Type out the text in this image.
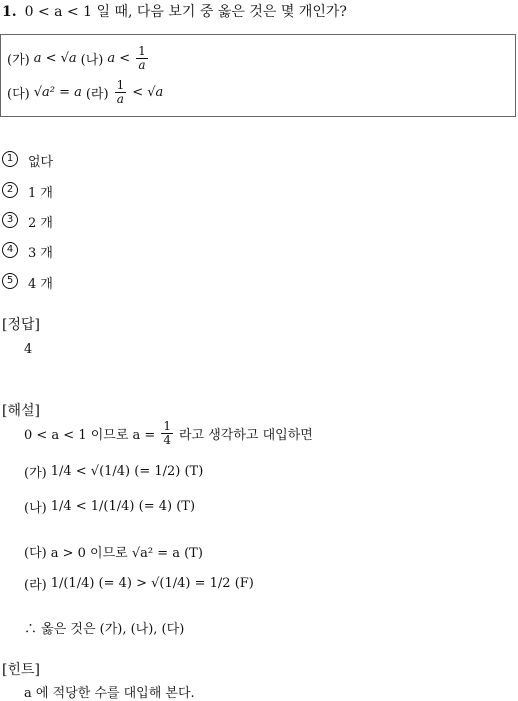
1. 0 < a < 1 일 때, 다음 보기 중 옳은 것은 몇 개인가?
(가) a < √a (나) $a < \frac{1}{a}$
(다) √a² = a (라) $\frac{1}{a} < √a$
1	없다
2	1 개
3	2 개
4	3 개
5	4 개
[정답]
4
[해설]
0 < a < 1 이므로 $a = \frac{1}{4}$ 라고 생각하고 대입하면
(가) 1/4 < √(1/4) (= 1/2) (T)
(나) 1/4 < 1/(1/4) (= 4) (T)
(다) a > 0 이므로 √a² = a (T)
(라) 1/(1/4) (= 4) > √(1/4) = 1/2 (F)
∴ 옳은 것은 (가), (나), (다)
[힌트]
a 에 적당한 수를 대입해 본다.
